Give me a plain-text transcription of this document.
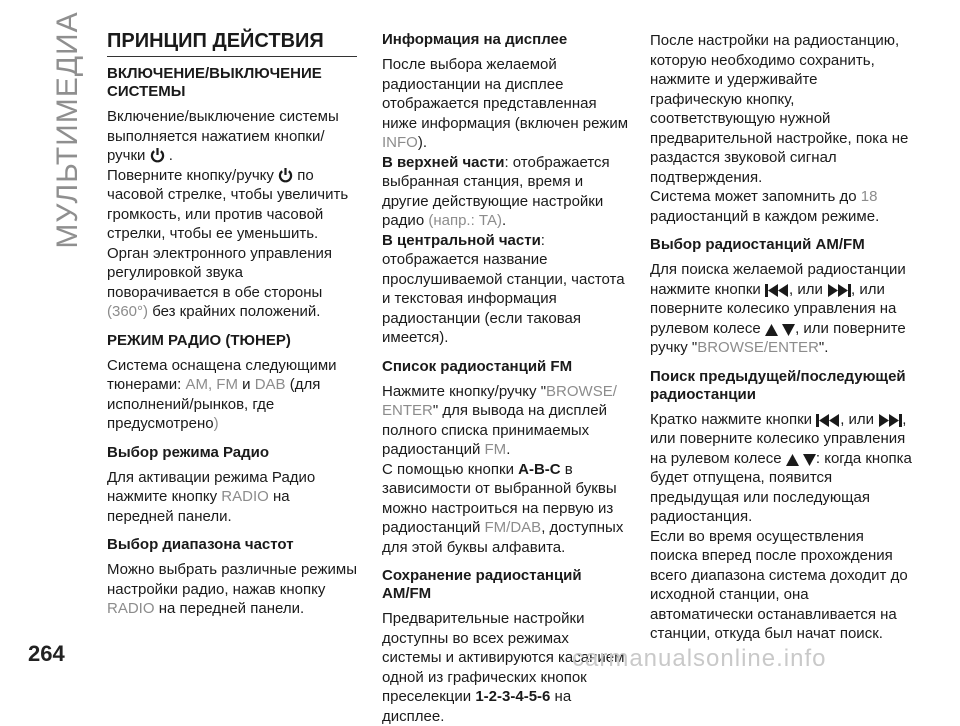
МУЛЬТИМЕДИА ПРИНЦИП ДЕЙСТВИЯ
ВКЛЮЧЕНИЕ/ВЫКЛЮЧЕНИЕ СИСТЕМЫ

Включение/выключение системы выполняется нажатием кнопки/ ручки .

Поверните кнопку/ручку по часовой стрелке, чтобы увеличить громкость, или против часовой стрелки, чтобы ее уменьшить.

Орган электронного управления регулировкой звука поворачивается в обе стороны (360°) без крайних положений.

РЕЖИМ РАДИО (ТЮНЕР)

Система оснащена следующими тюнерами: AM, FM и DAB (для исполнений/рынков, где предусмотрено)

Выбор режима Радио

Для активации режима Радио нажмите кнопку RADIO на передней панели.

Выбор диапазона частот

Можно выбрать различные режимы настройки радио, нажав кнопку RADIO на передней панели.

Информация на дисплее

После выбора желаемой радиостанции на дисплее отображается представленная ниже информация (включен режим INFO).

В верхней части: отображается выбранная станция, время и другие действующие настройки радио (напр.: TA).

В центральной части: отображается название прослушиваемой станции, частота и текстовая информация радиостанции (если таковая имеется).

Список радиостанций FM

Нажмите кнопку/ручку "BROWSE/ ENTER" для вывода на дисплей полного списка принимаемых радиостанций FM.

С помощью кнопки A-B-C в зависимости от выбранной буквы можно настроиться на первую из радиостанций FM/DAB, доступных для этой буквы алфавита.

Сохранение радиостанций AM/FM

Предварительные настройки доступны во всех режимах системы и активируются касанием одной из графических кнопок преселекции 1-2-3-4-5-6 на дисплее.

После настройки на радиостанцию, которую необходимо сохранить, нажмите и удерживайте графическую кнопку, соответствующую нужной предварительной настройке, пока не раздастся звуковой сигнал подтверждения.

Система может запомнить до 18 радиостанций в каждом режиме.

Выбор радиостанций AM/FM

Для поиска желаемой радиостанции нажмите кнопки , или , или поверните колесико управления на рулевом колесе , или поверните ручку "BROWSE/ENTER".

Поиск предыдущей/последующей радиостанции

Кратко нажмите кнопки , или , или поверните колесико управления на рулевом колесе : когда кнопка будет отпущена, появится предыдущая или последующая радиостанция.

Если во время осуществления поиска вперед после прохождения всего диапазона система доходит до исходной станции, она автоматически останавливается на станции, откуда был начат поиск.

264	carmanualsonline.info
